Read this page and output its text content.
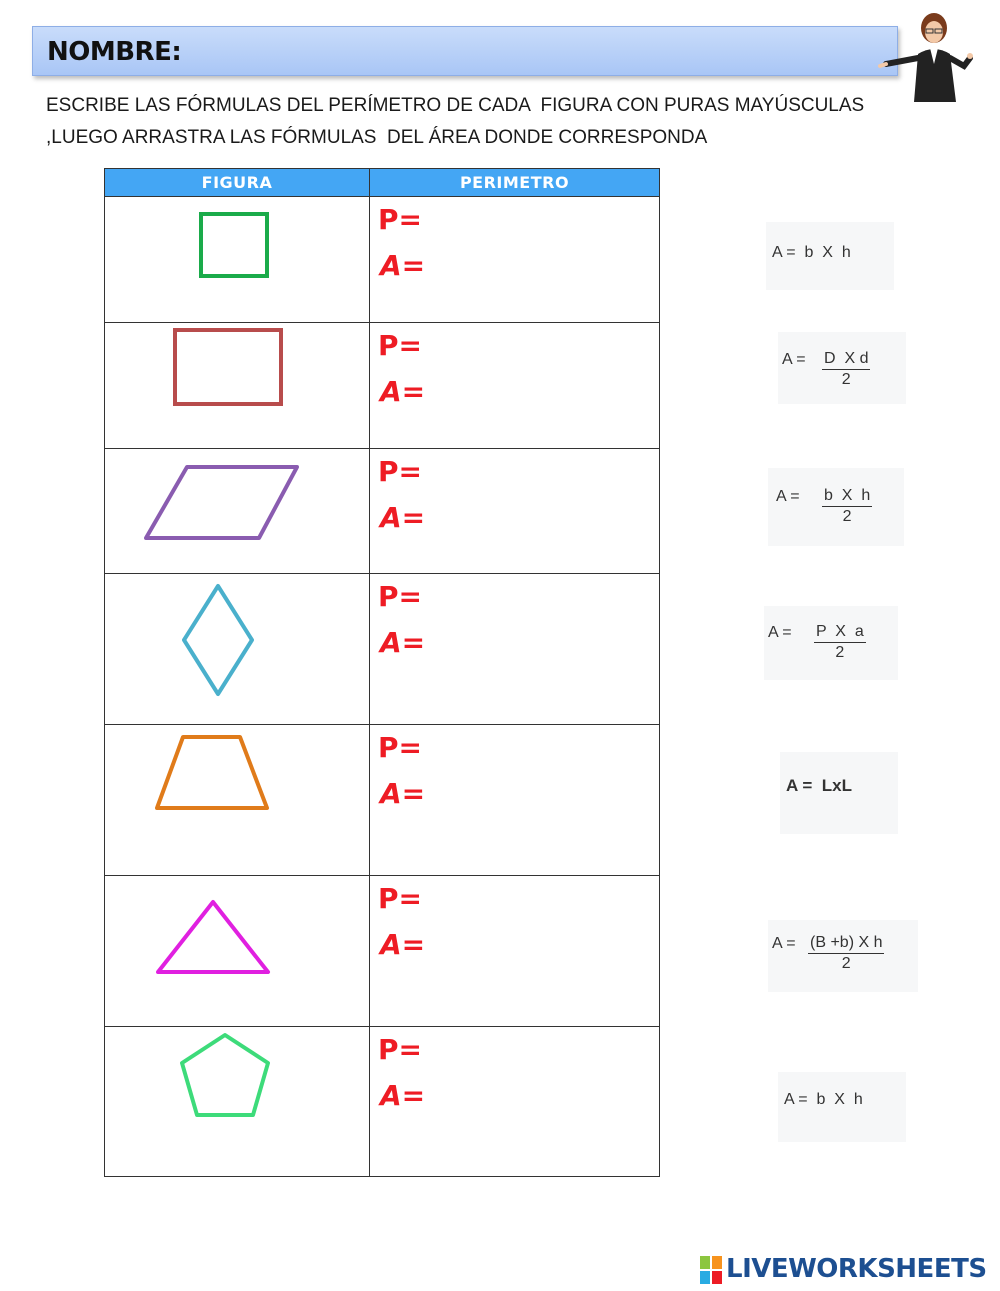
NOMBRE:
ESCRIBE LAS FÓRMULAS DEL PERÍMETRO DE CADA  FIGURA CON PURAS MAYÚSCULAS
,LUEGO ARRASTRA LAS FÓRMULAS  DEL ÁREA DONDE CORRESPONDA
FIGURA	PERIMETRO

P=
A=

P=
A=

P=
A=

P=
A=

P=
A=

P=
A=

P=
A=
A =  b  X  h
$A = \frac{\text{D  X d}}{2}$
$A = \frac{\text{b  X  h}}{2}$
$A = \frac{\text{P  X  a}}{2}$
A =  LxL
$A = \frac{\text{(B +b) X h}}{2}$
A =  b  X  h
LIVEWORKSHEETS
